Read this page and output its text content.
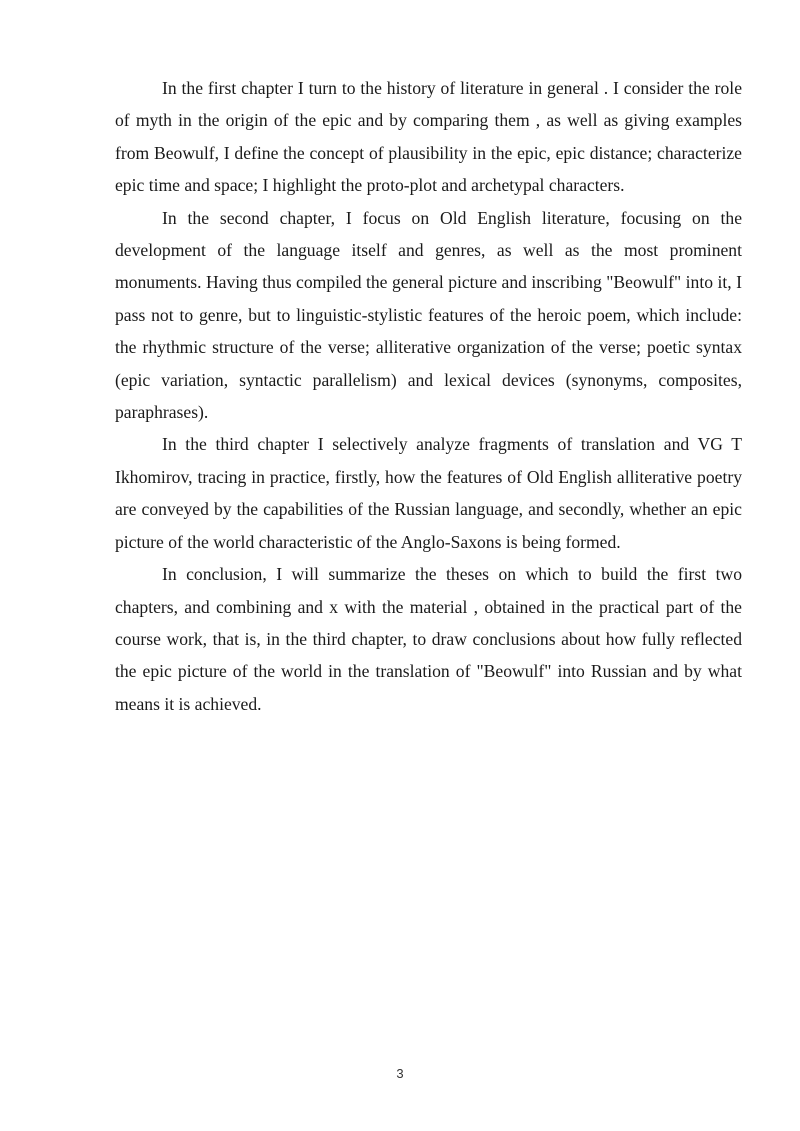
In the first chapter I turn to the history of literature in general . I consider the role of myth in the origin of the epic and by comparing them , as well as giving examples from Beowulf, I define the concept of plausibility in the epic, epic distance; characterize epic time and space; I highlight the proto-plot and archetypal characters.

In the second chapter, I focus on Old English literature, focusing on the development of the language itself and genres, as well as the most prominent monuments. Having thus compiled the general picture and inscribing "Beowulf" into it, I pass not to genre, but to linguistic-stylistic features of the heroic poem, which include: the rhythmic structure of the verse; alliterative organization of the verse; poetic syntax (epic variation, syntactic parallelism) and lexical devices (synonyms, composites, paraphrases).

In the third chapter I selectively analyze fragments of translation and VG T Ikhomirov, tracing in practice, firstly, how the features of Old English alliterative poetry are conveyed by the capabilities of the Russian language, and secondly, whether an epic picture of the world characteristic of the Anglo-Saxons is being formed.

In conclusion, I will summarize the theses on which to build the first two chapters, and combining and x with the material , obtained in the practical part of the course work, that is, in the third chapter, to draw conclusions about how fully reflected the epic picture of the world in the translation of "Beowulf" into Russian and by what means it is achieved.

3
